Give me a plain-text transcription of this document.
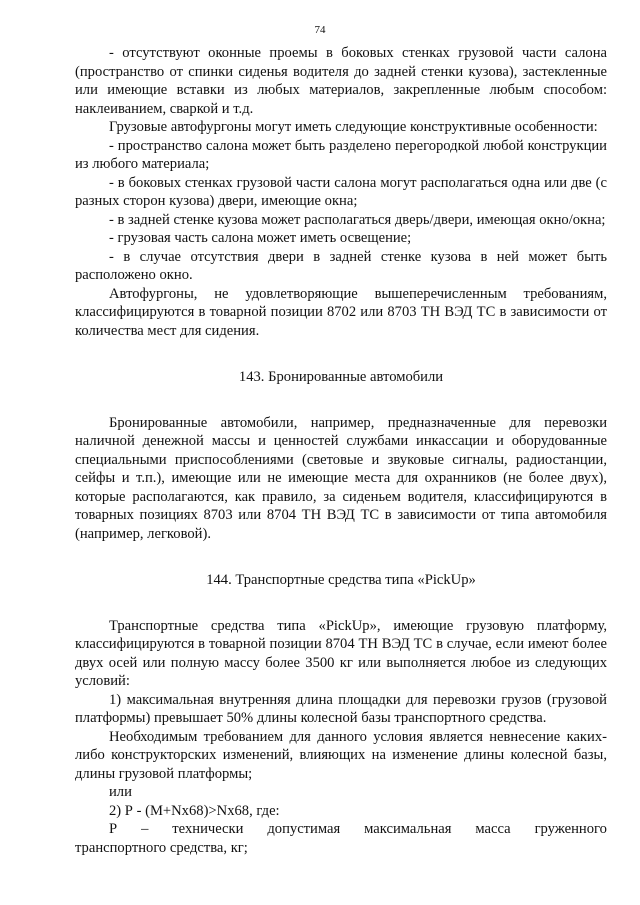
74

- отсутствуют оконные проемы в боковых стенках грузовой части салона (пространство от спинки сиденья водителя до задней стенки кузова), застекленные или имеющие вставки из любых материалов, закрепленные любым способом: наклеиванием, сваркой и т.д.

Грузовые автофургоны могут иметь следующие конструктивные особенности:

- пространство салона может быть разделено перегородкой любой конструкции из любого материала;

- в боковых стенках грузовой части салона могут располагаться одна или две (с разных сторон кузова) двери, имеющие окна;

- в задней стенке кузова может располагаться дверь/двери, имеющая окно/окна;

- грузовая часть салона может иметь освещение;

- в случае отсутствия двери в задней стенке кузова в ней может быть расположено окно.

Автофургоны, не удовлетворяющие вышеперечисленным требованиям, классифицируются в товарной позиции 8702 или 8703 ТН ВЭД ТС в зависимости от количества мест для сидения.

143. Бронированные автомобили

Бронированные автомобили, например, предназначенные для перевозки наличной денежной массы и ценностей службами инкассации и оборудованные специальными приспособлениями (световые и звуковые сигналы, радиостанции, сейфы и т.п.), имеющие или не имеющие места для охранников (не более двух), которые располагаются, как правило, за сиденьем водителя, классифицируются в товарных позициях 8703 или 8704 ТН ВЭД ТС в зависимости от типа автомобиля (например, легковой).

144. Транспортные средства типа «PickUp»

Транспортные средства типа «PickUp», имеющие грузовую платформу, классифицируются в товарной позиции 8704 ТН ВЭД ТС в случае, если имеют более двух осей или полную массу более 3500 кг или выполняется любое из следующих условий:

1) максимальная внутренняя длина площадки для перевозки грузов (грузовой платформы) превышает 50% длины колесной базы транспортного средства.

Необходимым требованием для данного условия является невнесение каких-либо конструкторских изменений, влияющих на изменение длины колесной базы, длины грузовой платформы;

или

2) Р - (M+Nx68)>Nx68, где:

Р – технически допустимая максимальная масса груженного

транспортного средства, кг;
